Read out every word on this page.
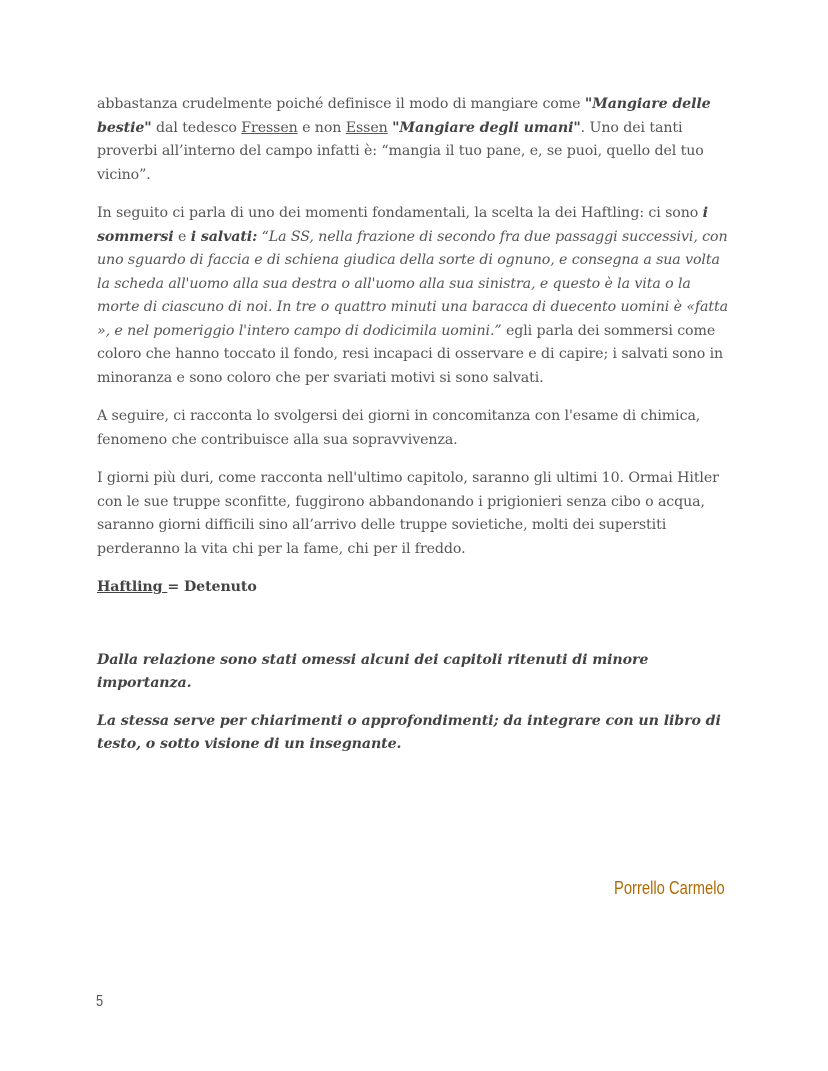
abbastanza crudelmente poiché definisce il modo di mangiare come "Mangiare delle bestie" dal tedesco Fressen e non Essen "Mangiare degli umani". Uno dei tanti proverbi all’interno del campo infatti è: “mangia il tuo pane, e, se puoi, quello del tuo vicino”.

In seguito ci parla di uno dei momenti fondamentali, la scelta la dei Haftling: ci sono i sommersi e i salvati: “La SS, nella frazione di secondo fra due passaggi successivi, con uno sguardo di faccia e di schiena giudica della sorte di ognuno, e consegna a sua volta la scheda all'uomo alla sua destra o all'uomo alla sua sinistra, e questo è la vita o la morte di ciascuno di noi. In tre o quattro minuti una baracca di duecento uomini è «fatta », e nel pomeriggio l'intero campo di dodicimila uomini.” egli parla dei sommersi come coloro che hanno toccato il fondo, resi incapaci di osservare e di capire; i salvati sono in minoranza e sono coloro che per svariati motivi si sono salvati.

A seguire, ci racconta lo svolgersi dei giorni in concomitanza con l'esame di chimica, fenomeno che contribuisce alla sua sopravvivenza.

I giorni più duri, come racconta nell'ultimo capitolo, saranno gli ultimi 10. Ormai Hitler con le sue truppe sconfitte, fuggirono abbandonando i prigionieri senza cibo o acqua, saranno giorni difficili sino all’arrivo delle truppe sovietiche, molti dei superstiti perderanno la vita chi per la fame, chi per il freddo.

Haftling = Detenuto

Dalla relazione sono stati omessi alcuni dei capitoli ritenuti di minore importanza.

La stessa serve per chiarimenti o approfondimenti; da integrare con un libro di testo, o sotto visione di un insegnante.

Porrello Carmelo
5
